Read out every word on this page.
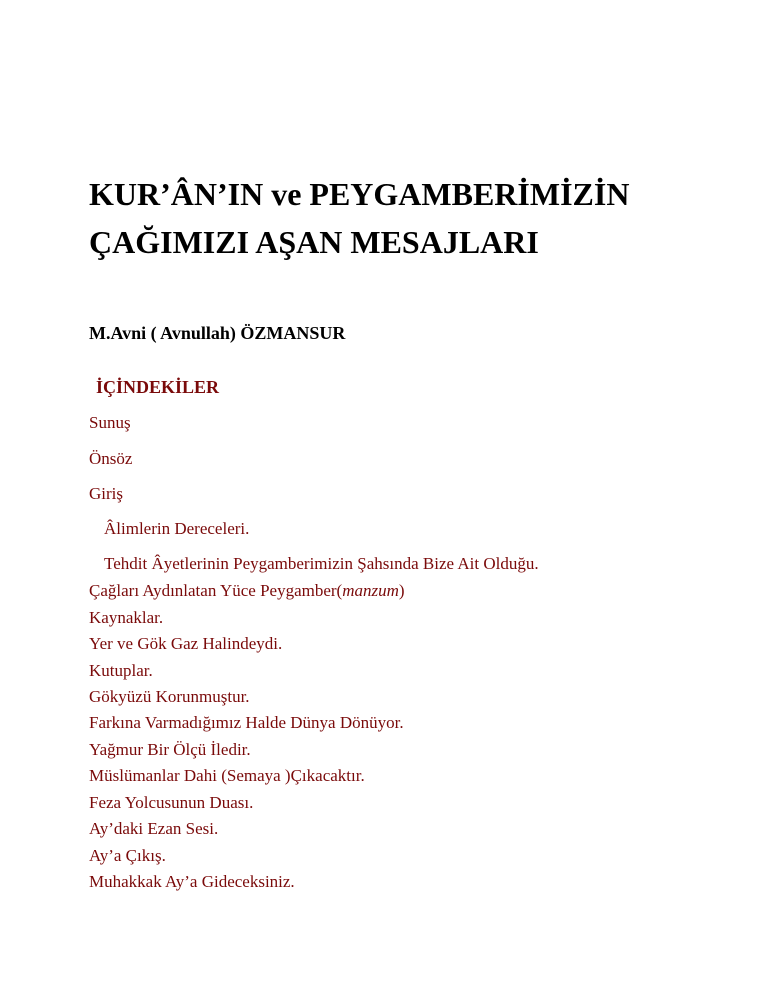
KUR’ÂN’IN ve PEYGAMBERİMİZİN
ÇAĞIMIZI AŞAN MESAJLARI

M.Avni ( Avnullah) ÖZMANSUR

İÇİNDEKİLER

Sunuş
Önsöz
Giriş
Âlimlerin Dereceleri.
Tehdit Âyetlerinin Peygamberimizin Şahsında Bize Ait Olduğu.
Çağları Aydınlatan Yüce Peygamber(manzum)
Kaynaklar.
Yer ve Gök Gaz Halindeydi.
Kutuplar.
Gökyüzü Korunmuştur.
Farkına Varmadığımız Halde Dünya Dönüyor.
Yağmur Bir Ölçü İledir.
Müslümanlar Dahi (Semaya )Çıkacaktır.
Feza Yolcusunun Duası.
Ay’daki Ezan Sesi.
Ay’a Çıkış.
Muhakkak Ay’a Gideceksiniz.
